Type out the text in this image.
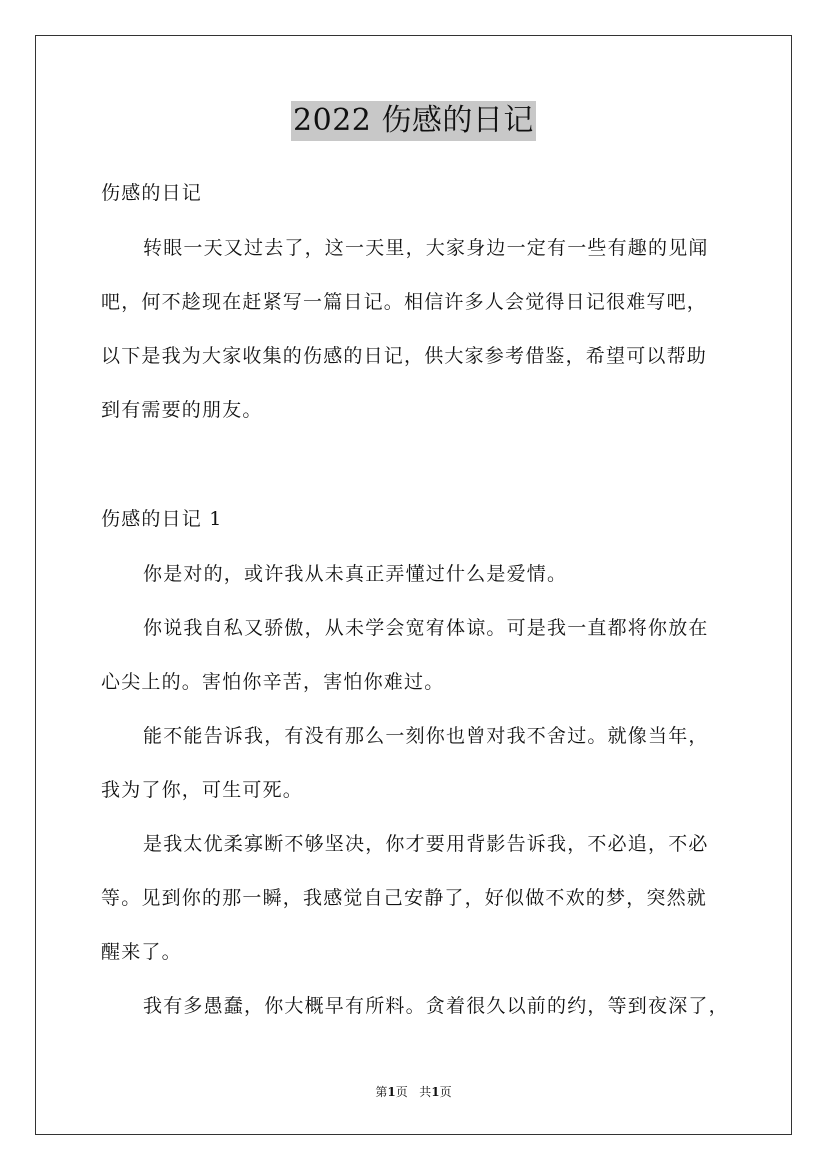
2022 伤感的日记
伤感的日记
转眼一天又过去了，这一天里，大家身边一定有一些有趣的见闻
吧，何不趁现在赶紧写一篇日记。相信许多人会觉得日记很难写吧，
以下是我为大家收集的伤感的日记，供大家参考借鉴，希望可以帮助
到有需要的朋友。
伤感的日记 1
你是对的，或许我从未真正弄懂过什么是爱情。
你说我自私又骄傲，从未学会宽宥体谅。可是我一直都将你放在
心尖上的。害怕你辛苦，害怕你难过。
能不能告诉我，有没有那么一刻你也曾对我不舍过。就像当年，
我为了你，可生可死。
是我太优柔寡断不够坚决，你才要用背影告诉我，不必追，不必
等。见到你的那一瞬，我感觉自己安静了，好似做不欢的梦，突然就
醒来了。
我有多愚蠢，你大概早有所料。贪着很久以前的约，等到夜深了，
第1页 共1页
